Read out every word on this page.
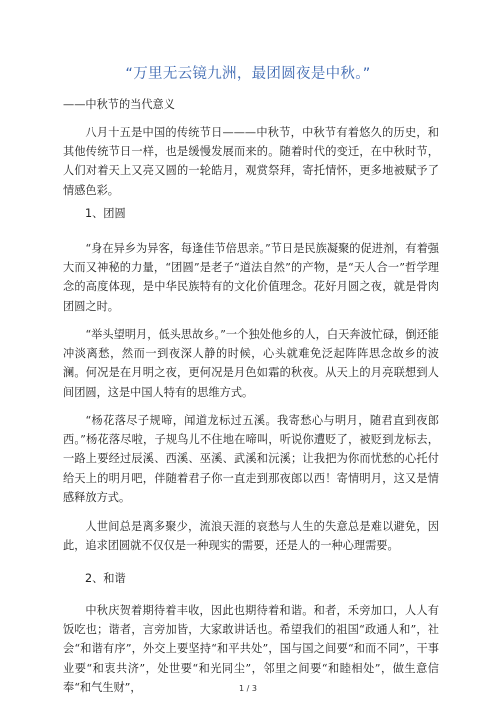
“万里无云镜九洲，最团圆夜是中秋。”
——中秋节的当代意义

八月十五是中国的传统节日———中秋节，中秋节有着悠久的历史，和其他传统节日一样，也是缓慢发展而来的。随着时代的变迁，在中秋时节，人们对着天上又亮又圆的一轮皓月，观赏祭拜，寄托情怀，更多地被赋予了情感色彩。

1、团圆

“身在异乡为异客，每逢佳节倍思亲。”节日是民族凝聚的促进剂，有着强大而又神秘的力量，“团圆”是老子“道法自然”的产物，是“天人合一”哲学理念的高度体现，是中华民族特有的文化价值理念。花好月圆之夜，就是骨肉团圆之时。

“举头望明月，低头思故乡。”一个独处他乡的人，白天奔波忙碌，倒还能冲淡离愁，然而一到夜深人静的时候，心头就难免泛起阵阵思念故乡的波澜。何况是在月明之夜，更何况是月色如霜的秋夜。从天上的月亮联想到人间团圆，这是中国人特有的思维方式。

“杨花落尽子规啼，闻道龙标过五溪。我寄愁心与明月，随君直到夜郎西。”杨花落尽啦，子规鸟儿不住地在啼叫，听说你遭贬了，被贬到龙标去，一路上要经过辰溪、西溪、巫溪、武溪和沅溪；让我把为你而忧愁的心托付给天上的明月吧，伴随着君子你一直走到那夜郎以西！寄情明月，这又是情感释放方式。

人世间总是离多聚少，流浪天涯的哀愁与人生的失意总是难以避免，因此，追求团圆就不仅仅是一种现实的需要，还是人的一种心理需要。

2、和谐

中秋庆贺着期待着丰收，因此也期待着和谐。和者，禾旁加口，人人有饭吃也；谐者，言旁加皆，大家敢讲话也。希望我们的祖国“政通人和”，社会“和谐有序”，外交上要坚持“和平共处”，国与国之间要“和而不同”，干事业要“和衷共济”，处世要“和光同尘”，邻里之间要“和睦相处”，做生意信奉“和气生财”，	1 / 3
